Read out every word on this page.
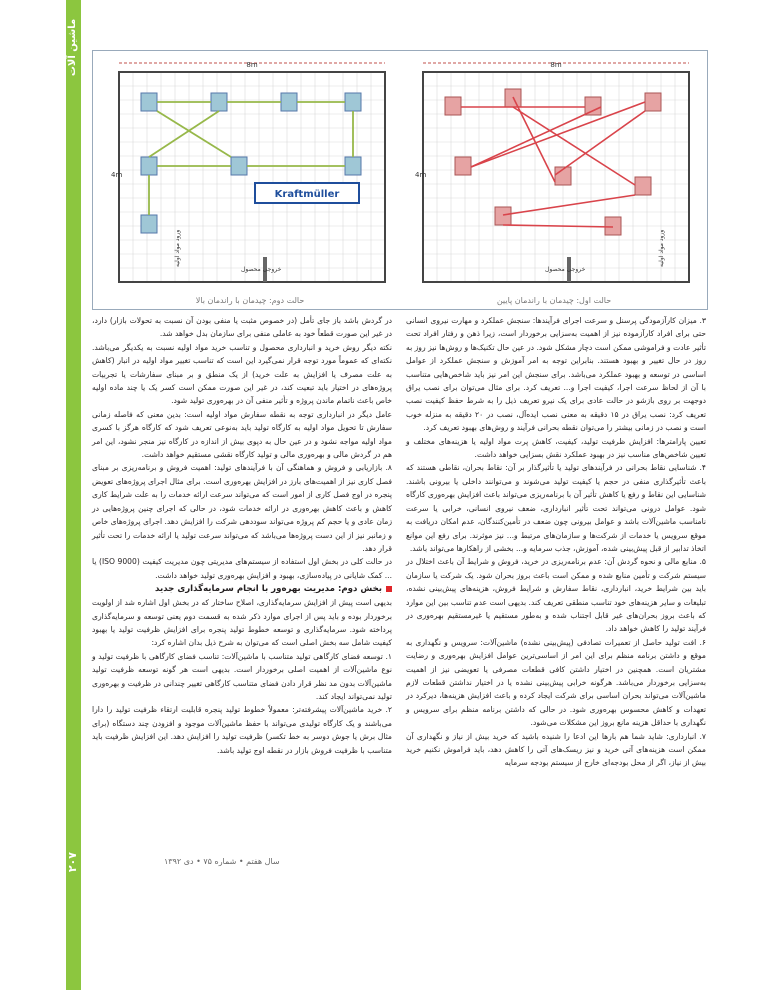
ماشین آلات
۲۰۷	سال هفتم • شماره ۷۵ • دی ۱۳۹۲
8m
4m
خروجی محصول
ورود مواد اولیه
حالت اول: چیدمان با راندمان پایین
8m
4m
Kraftmüller
خروجی محصول
ورود مواد اولیه
حالت دوم: چیدمان با راندمان بالا

۳. میزان کارآزمودگی پرسنل و سرعت اجرای فرآیندها: سنجش عملکرد و مهارت نیروی انسانی حتی برای افراد کارآزموده نیز از اهمیت به‌سزایی برخوردار است، زیرا ذهن و رفتار افراد تحت تأثیر عادت و فراموشی ممکن است دچار مشکل شود. در عین حال تکنیک‌ها و روش‌ها نیز روز به روز در حال تغییر و بهبود هستند. بنابراین توجه به امر آموزش و سنجش عملکرد از عوامل اساسی در توسعه و بهبود عملکرد می‌باشد. برای سنجش این امر نیز باید شاخص‌هایی متناسب با آن از لحاظ سرعت اجرا، کیفیت اجرا و... تعریف کرد. برای مثال می‌توان برای نصب یراق دوجهت بر روی بازشو در حالت عادی برای یک نیرو تعریف ذیل را به شرط حفظ کیفیت نصب تعریف کرد: نصب یراق در ۱۵ دقیقه به معنی نصب ایده‌آل، نصب در ۲۰ دقیقه به منزله خوب است و نصب در زمانی بیشتر را می‌توان نقطه بحرانی فرآیند و روش‌های بهبود تعریف کرد.

تعیین پارامترها: افزایش ظرفیت تولید، کیفیت، کاهش پرت مواد اولیه یا هزینه‌های مختلف و تعیین شاخص‌های مناسب نیز در بهبود عملکرد نقش بسزایی خواهد داشت.

۴. شناسایی نقاط بحرانی در فرآیندهای تولید یا تأثیرگذار بر آن: نقاط بحران، نقاطی هستند که باعث تأثیرگذاری منفی در حجم یا کیفیت تولید می‌شوند و می‌توانند داخلی یا بیرونی باشند. شناسایی این نقاط و رفع یا کاهش تأثیر آن با برنامه‌ریزی می‌تواند باعث افزایش بهره‌وری کارگاه شود. عوامل درونی می‌تواند تحت تأثیر انبارداری، ضعف نیروی انسانی، خرابی یا سرعت نامناسب ماشین‌آلات باشد و عوامل بیرونی چون ضعف در تأمین‌کنندگان، عدم امکان دریافت به موقع سرویس یا خدمات از شرکت‌ها و سازمان‌های مرتبط و... نیز موثرند. برای رفع این موانع اتخاذ تدابیر از قبل پیش‌بینی شده، آموزش، جذب سرمایه و... بخشی از راهکارها می‌تواند باشد.

۵. منابع مالی و نحوه گردش آن: عدم برنامه‌ریزی در خرید، فروش و شرایط آن باعث اختلال در سیستم شرکت و تأمین منابع شده و ممکن است باعث بروز بحران شود. یک شرکت یا سازمان باید بین شرایط خرید، انبارداری، نقاط سفارش و شرایط فروش، هزینه‌های پیش‌بینی نشده، تبلیغات و سایر هزینه‌های خود تناسب منطقی تعریف کند. بدیهی است عدم تناسب بین این موارد که باعث بروز بحران‌های غیر قابل اجتناب شده و به‌طور مستقیم یا غیرمستقیم بهره‌وری در فرآیند تولید را کاهش خواهد داد.

۶. افت تولید حاصل از تعمیرات تصادفی (پیش‌بینی نشده) ماشین‌آلات: سرویس و نگهداری به موقع و داشتن برنامه منظم برای این امر از اساسی‌ترین عوامل افزایش بهره‌وری و رضایت مشتریان است. همچنین در اختیار داشتن کافی قطعات مصرفی یا تعویضی نیز از اهمیت به‌سزایی برخوردار می‌باشد. هرگونه خرابی پیش‌بینی نشده یا در اختیار نداشتن قطعات لازم ماشین‌آلات می‌تواند بحران اساسی برای شرکت ایجاد کرده و باعث افزایش هزینه‌ها، دیرکرد در تعهدات و کاهش محسوس بهره‌وری شود. در حالی که داشتن برنامه منظم برای سرویس و نگهداری با حداقل هزینه مانع بروز این مشکلات می‌شود.

۷. انبارداری: شاید شما هم بارها این ادعا را شنیده باشید که خرید بیش از نیاز و نگهداری آن ممکن است هزینه‌های آتی خرید و نیز ریسک‌های آتی را کاهش دهد، باید فراموش نکنیم خرید بیش از نیاز، اگر از محل بودجه‌ای خارج از سیستم بودجه سرمایه

در گردش باشد باز جای تأمل (در خصوص مثبت یا منفی بودن آن نسبت به تحولات بازار) دارد، در غیر این صورت قطعاً خود به عاملی منفی برای سازمان بدل خواهد شد.

نکته دیگر روش خرید و انبارداری محصول و تناسب خرید مواد اولیه نسبت به یکدیگر می‌باشد. نکته‌ای که عموماً مورد توجه قرار نمی‌گیرد این است که تناسب تغییر مواد اولیه در انبار (کاهش به علت مصرف یا افزایش به علت خرید) از یک منطق و بر مبنای سفارشات یا تجربیات پروژه‌های در اختیار باید تبعیت کند، در غیر این صورت ممکن است کسر یک یا چند ماده اولیه خاص باعث ناتمام ماندن پروژه و تأثیر منفی آن در بهره‌وری تولید شود.

عامل دیگر در انبارداری توجه به نقطه سفارش مواد اولیه است: بدین معنی که فاصله زمانی سفارش تا تحویل مواد اولیه به کارگاه تولید باید به‌نوعی تعریف شود که کارگاه هرگز با کسری مواد اولیه مواجه نشود و در عین حال به دپوی بیش از اندازه در کارگاه نیز منجر نشود، این امر هم در گردش مالی و بهره‌وری مالی و تولید کارگاه نقشی مستقیم خواهد داشت.

۸. بازاریابی و فروش و هماهنگی آن با فرآیندهای تولید: اهمیت فروش و برنامه‌ریزی بر مبنای فصل کاری نیز از اهمیت‌های بارز در افزایش بهره‌وری است. برای مثال اجرای پروژه‌های تعویض پنجره در اوج فصل کاری از امور است که می‌تواند سرعت ارائه خدمات را به علت شرایط کاری کاهش و باعث کاهش بهره‌وری در ارائه خدمات شود، در حالی که اجرای چنین پروژه‌هایی در زمان عادی و یا حجم کم پروژه می‌تواند سوددهی شرکت را افزایش دهد. اجرای پروژه‌های خاص و زمانبر نیز از این دست پروژه‌ها می‌باشد که می‌تواند سرعت تولید یا ارائه خدمات را تحت تأثیر قرار دهد.

در حالت کلی در بخش اول استفاده از سیستم‌های مدیریتی چون مدیریت کیفیت (ISO 9000) یا ... کمک شایانی در پیاده‌سازی، بهبود و افزایش بهره‌وری تولید خواهد داشت.

بخش دوم: مدیریت بهره‌ور با انجام سرمایه‌گذاری جدید

بدیهی است پیش از افزایش سرمایه‌گذاری، اصلاح ساختار که در بخش اول اشاره شد از اولویت برخوردار بوده و باید پس از اجرای موارد ذکر شده به قسمت دوم یعنی توسعه و سرمایه‌گذاری پرداخته شود. سرمایه‌گذاری و توسعه خطوط تولید پنجره برای افزایش ظرفیت تولید یا بهبود کیفیت شامل سه بخش اصلی است که می‌توان به شرح ذیل بدان اشاره کرد:

۱. توسعه فضای کارگاهی تولید متناسب با ماشین‌آلات: تناسب فضای کارگاهی با ظرفیت تولید و نوع ماشین‌آلات از اهمیت اصلی برخوردار است. بدیهی است هر گونه توسعه ظرفیت تولید ماشین‌آلات بدون مد نظر قرار دادن فضای متناسب کارگاهی تغییر چندانی در ظرفیت و بهره‌وری تولید نمی‌تواند ایجاد کند.

۲. خرید ماشین‌آلات پیشرفته‌تر: معمولاً خطوط تولید پنجره قابلیت ارتقاء ظرفیت تولید را دارا می‌باشند و یک کارگاه تولیدی می‌تواند با حفظ ماشین‌آلات موجود و افزودن چند دستگاه (برای مثال برش یا جوش دوسر به خط تکسر) ظرفیت تولید را افزایش دهد. این افزایش ظرفیت باید متناسب با ظرفیت فروش بازار در نقطه اوج تولید باشد.
